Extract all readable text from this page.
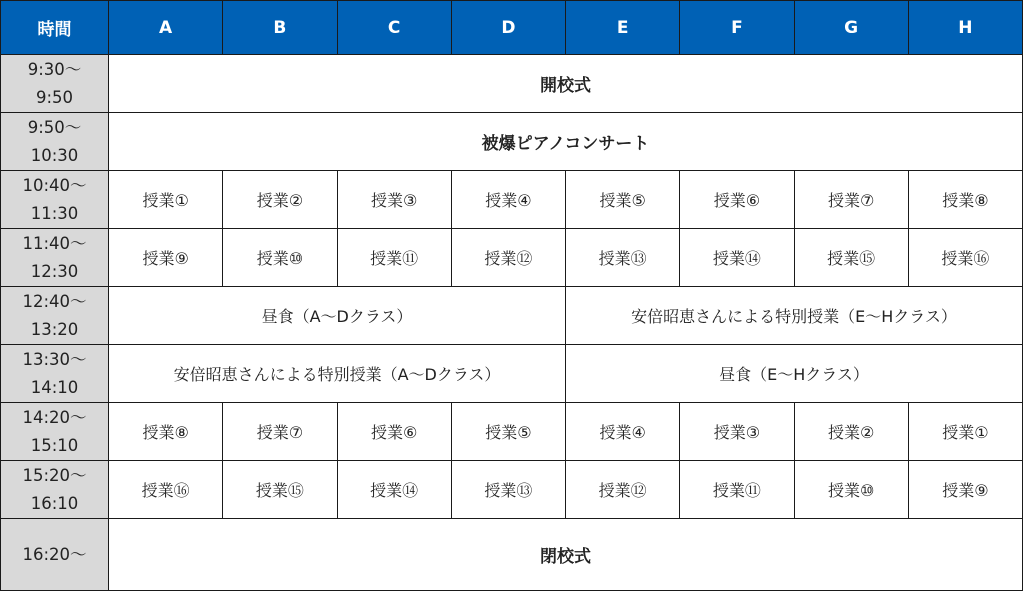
時間	A	B	C	D	E	F	G	H

9:30～
9:50	開校式							

9:50～
10:30	被爆ピアノコンサート							

10:40～
11:30	授業①	授業②	授業③	授業④	授業⑤	授業⑥	授業⑦	授業⑧

11:40～
12:30	授業⑨	授業⑩	授業⑪	授業⑫	授業⑬	授業⑭	授業⑮	授業⑯

12:40～
13:20	昼食（A～Dクラス）				安倍昭恵さんによる特別授業（E～Hクラス）			

13:30～
14:10	安倍昭恵さんによる特別授業（A～Dクラス）				昼食（E～Hクラス）			

14:20～
15:10	授業⑧	授業⑦	授業⑥	授業⑤	授業④	授業③	授業②	授業①

15:20～
16:10	授業⑯	授業⑮	授業⑭	授業⑬	授業⑫	授業⑪	授業⑩	授業⑨

16:20～	閉校式							
